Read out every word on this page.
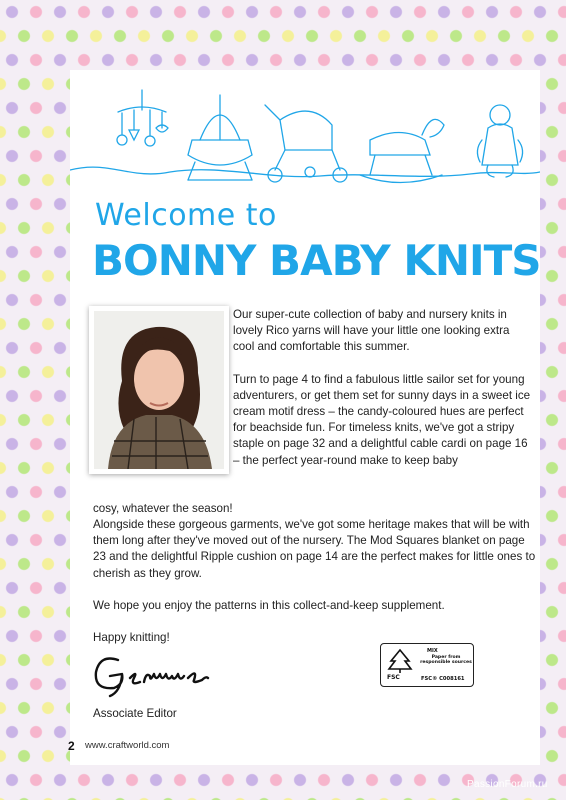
Welcome to
BONNY BABY KNITS

Our super-cute collection of baby and nursery knits in lovely Rico yarns will have your little one looking extra cool and comfortable this summer.

Turn to page 4 to find a fabulous little sailor set for young adventurers, or get them set for sunny days in a sweet ice cream motif dress – the candy-coloured hues are perfect for beachside fun. For timeless knits, we've got a stripy staple on page 32 and a delightful cable cardi on page 16 – the perfect year-round make to keep baby

cosy, whatever the season!

Alongside these gorgeous garments, we've got some heritage makes that will be with them long after they've moved out of the nursery. The Mod Squares blanket on page 23 and the delightful Ripple cushion on page 14 are the perfect makes for little ones to cherish as they grow.

We hope you enjoy the patterns in this collect-and-keep supplement.

Happy knitting!
Associate Editor
FSC
MIX
Paper from responsible sources
FSC® C008161
2 www.craftworld.com
PassionForum.ru
